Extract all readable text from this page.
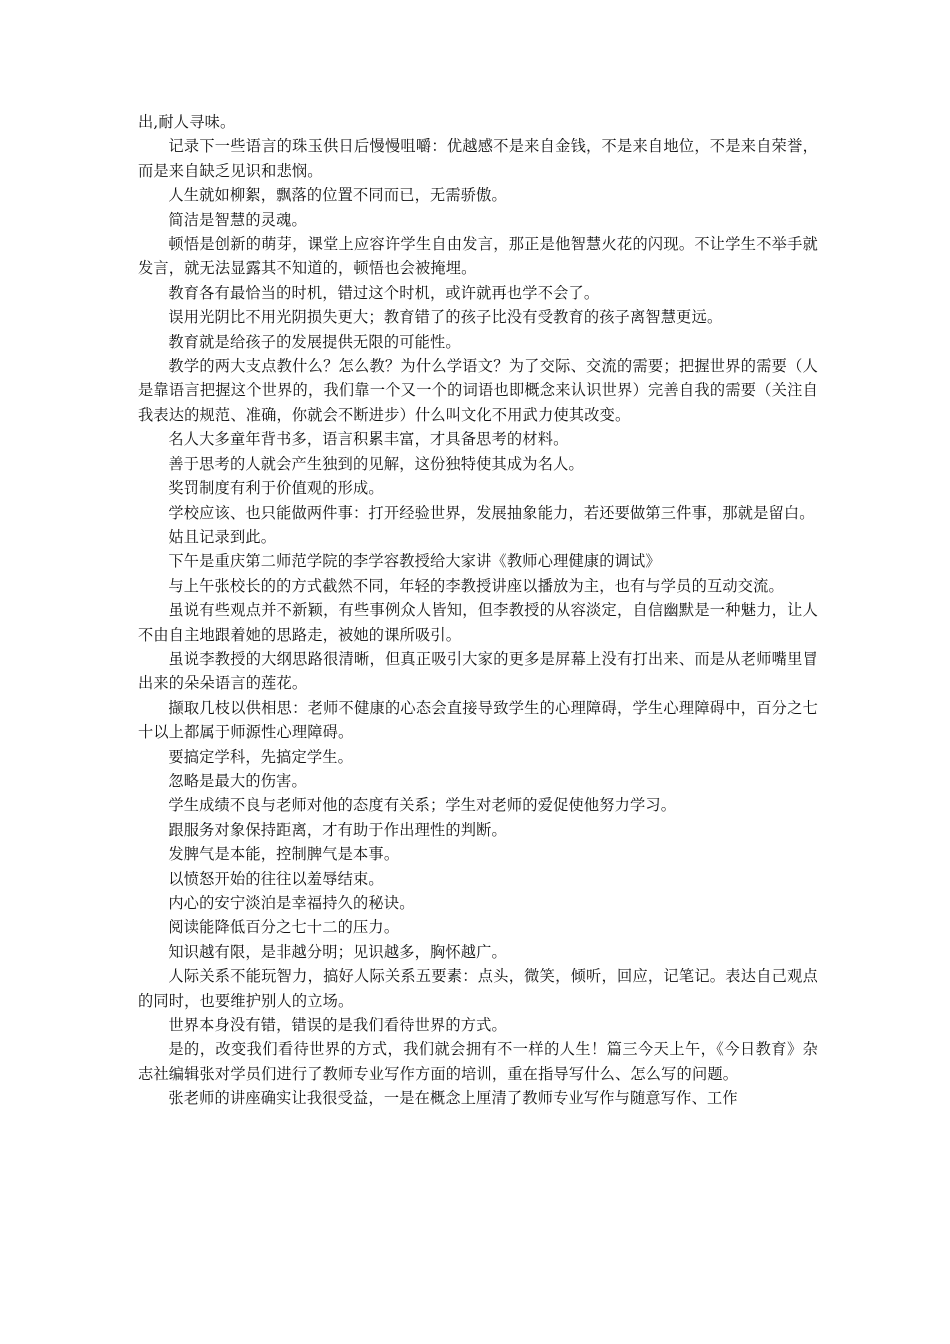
出,耐人寻味。

记录下一些语言的珠玉供日后慢慢咀嚼：优越感不是来自金钱，不是来自地位，不是来自荣誉，而是来自缺乏见识和悲悯。

人生就如柳絮，飘落的位置不同而已，无需骄傲。

简洁是智慧的灵魂。

顿悟是创新的萌芽，课堂上应容许学生自由发言，那正是他智慧火花的闪现。不让学生不举手就发言，就无法显露其不知道的，顿悟也会被掩埋。

教育各有最恰当的时机，错过这个时机，或许就再也学不会了。

误用光阴比不用光阴损失更大；教育错了的孩子比没有受教育的孩子离智慧更远。

教育就是给孩子的发展提供无限的可能性。

教学的两大支点教什么？怎么教？为什么学语文？为了交际、交流的需要；把握世界的需要（人是靠语言把握这个世界的，我们靠一个又一个的词语也即概念来认识世界）完善自我的需要（关注自我表达的规范、准确，你就会不断进步）什么叫文化不用武力使其改变。

名人大多童年背书多，语言积累丰富，才具备思考的材料。

善于思考的人就会产生独到的见解，这份独特使其成为名人。

奖罚制度有利于价值观的形成。

学校应该、也只能做两件事：打开经验世界，发展抽象能力，若还要做第三件事，那就是留白。

姑且记录到此。

下午是重庆第二师范学院的李学容教授给大家讲《教师心理健康的调试》

与上午张校长的的方式截然不同，年轻的李教授讲座以播放为主，也有与学员的互动交流。

虽说有些观点并不新颖，有些事例众人皆知，但李教授的从容淡定，自信幽默是一种魅力，让人不由自主地跟着她的思路走，被她的课所吸引。

虽说李教授的大纲思路很清晰，但真正吸引大家的更多是屏幕上没有打出来、而是从老师嘴里冒出来的朵朵语言的莲花。

撷取几枝以供相思：老师不健康的心态会直接导致学生的心理障碍，学生心理障碍中，百分之七十以上都属于师源性心理障碍。

要搞定学科，先搞定学生。

忽略是最大的伤害。

学生成绩不良与老师对他的态度有关系；学生对老师的爱促使他努力学习。

跟服务对象保持距离，才有助于作出理性的判断。

发脾气是本能，控制脾气是本事。

以愤怒开始的往往以羞辱结束。

内心的安宁淡泊是幸福持久的秘诀。

阅读能降低百分之七十二的压力。

知识越有限，是非越分明；见识越多，胸怀越广。

人际关系不能玩智力，搞好人际关系五要素：点头，微笑，倾听，回应，记笔记。表达自己观点的同时，也要维护别人的立场。

世界本身没有错，错误的是我们看待世界的方式。

是的，改变我们看待世界的方式，我们就会拥有不一样的人生！篇三今天上午，《今日教育》杂志社编辑张对学员们进行了教师专业写作方面的培训，重在指导写什么、怎么写的问题。

张老师的讲座确实让我很受益，一是在概念上厘清了教师专业写作与随意写作、工作
